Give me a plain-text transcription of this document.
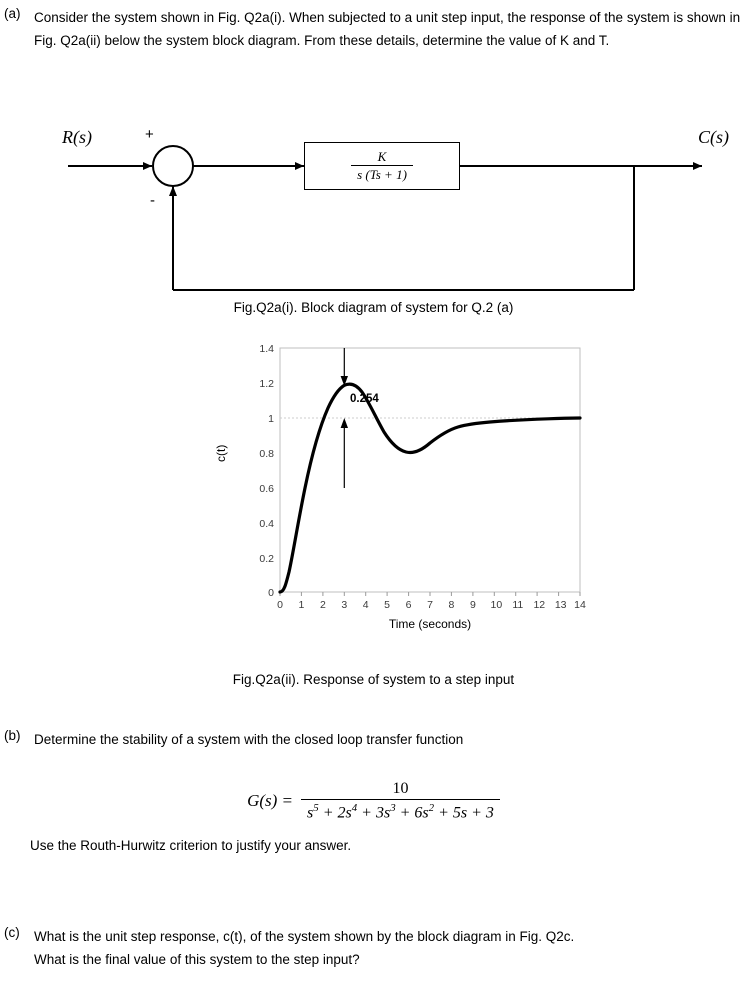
(a)	Consider the system shown in Fig. Q2a(i). When subjected to a unit step input, the response of the system is shown in Fig. Q2a(ii) below the system block diagram. From these details, determine the value of K and T.
R(s)	C(s)
+
-
K
s (Ts + 1)
Fig.Q2a(i). Block diagram of system for Q.2 (a)
c(t)
1.4
1.2
1
0.8
0.6
0.4
0.2
0
0 1 2 3 4 5 6 7 8 9 10 11 12 13 14
0.254
Time (seconds)
Fig.Q2a(ii). Response of system to a step input
(b)	Determine the stability of a system with the closed loop transfer function
$G(s) = \frac{10}{s^5 + 2s^4 + 3s^3 + 6s^2 + 5s + 3}$
Use the Routh-Hurwitz criterion to justify your answer.
(c)	What is the unit step response, c(t), of the system shown by the block diagram in Fig. Q2c.
What is the final value of this system to the step input?
